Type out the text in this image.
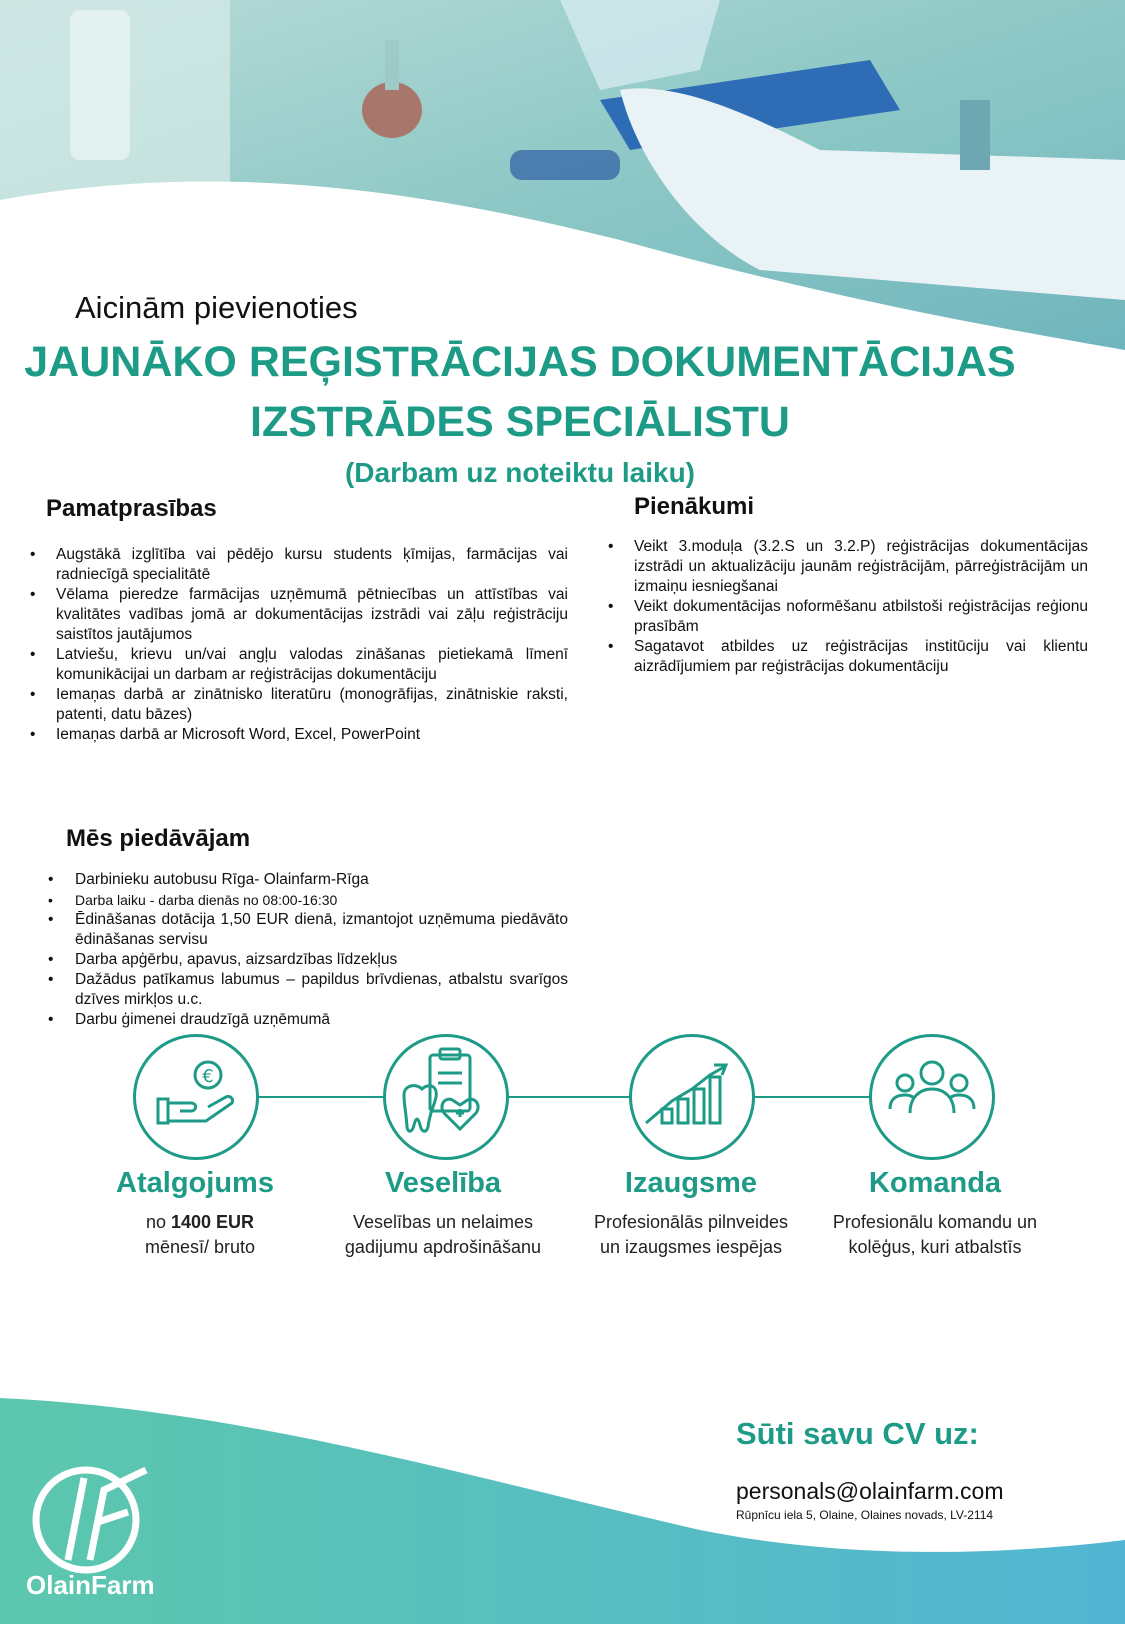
Aicinām pievienoties
JAUNĀKO REĢISTRĀCIJAS DOKUMENTĀCIJAS
IZSTRĀDES SPECIĀLISTU
(Darbam uz noteiktu laiku)
Pamatprasības
• Augstākā izglītība vai pēdējo kursu students ķīmijas, farmācijas vai radniecīgā specialitātē
• Vēlama pieredze farmācijas uzņēmumā pētniecības un attīstības vai kvalitātes vadības jomā ar dokumentācijas izstrādi vai zāļu reģistrāciju saistītos jautājumos
• Latviešu, krievu un/vai angļu valodas zināšanas pietiekamā līmenī komunikācijai un darbam ar reģistrācijas dokumentāciju
• Iemaņas darbā ar zinātnisko literatūru (monogrāfijas, zinātniskie raksti, patenti, datu bāzes)
• Iemaņas darbā ar Microsoft Word, Excel, PowerPoint
Pienākumi
• Veikt 3.moduļa (3.2.S un 3.2.P) reģistrācijas dokumentācijas izstrādi un aktualizāciju jaunām reģistrācijām, pārreģistrācijām un izmaiņu iesniegšanai
• Veikt dokumentācijas noformēšanu atbilstoši reģistrācijas reģionu prasībām
• Sagatavot atbildes uz reģistrācijas institūciju vai klientu aizrādījumiem par reģistrācijas dokumentāciju
Mēs piedāvājam
• Darbinieku autobusu Rīga- Olainfarm-Rīga
• Darba laiku - darba dienās no 08:00-16:30
• Ēdināšanas dotācija 1,50 EUR dienā, izmantojot uzņēmuma piedāvāto ēdināšanas servisu
• Darba apģērbu, apavus, aizsardzības līdzekļus
• Dažādus patīkamus labumus – papildus brīvdienas, atbalstu svarīgos dzīves mirkļos u.c.
• Darbu ģimenei draudzīgā uzņēmumā
€
Atalgojums
no 1400 EUR
mēnesī/ bruto
Veselība
Veselības un nelaimes
gadijumu apdrošināšanu
Izaugsme
Profesionālās pilnveides
un izaugsmes iespējas
Komanda
Profesionālu komandu un
kolēģus, kuri atbalstīs
Sūti savu CV uz:
personals@olainfarm.com
Rūpnīcu iela 5, Olaine, Olaines novads, LV-2114
OlainFarm
